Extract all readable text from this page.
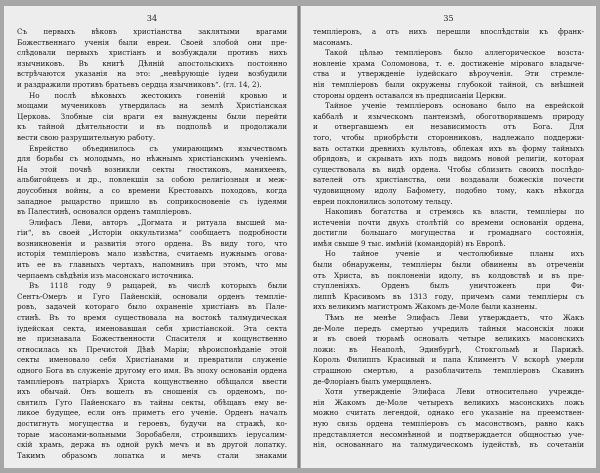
34
Съ первыхъ вѣковъ христіанства заклятыми врагами
Божественнаго ученія были евреи. Своей злобой они пре-
слѣдовали первыхъ христіанъ и возбуждали противъ нихъ
язычниковъ. Въ книгѣ Дѣяній апостольскихъ постоянно
встрѣчаются указанія на это: „невѣрующіе іудеи возбудили
и раздражили противъ братьевъ сердца язычниковъ“. (гл. 14, 2).
Но послѣ вѣковыхъ жестокихъ гоненій кровью и
мощами мучениковъ утвердилась на землѣ Христіанская
Церковь. Злобные сіи враги ея вынуждены были перейти
къ тайной дѣятельности и въ подпольѣ и продолжали
вести свою разрушительную работу.
Еврейство объединилось съ умирающимъ язычествомъ
для борьбы съ молодымъ, но нѣжнымъ христіанскимъ ученіемъ.
На этой почвѣ возникли секты гностиковъ, манихеевъ,
альбигойцевъ и др., повлекшія за собою религіозныя и меж-
доусобныя войны, а со времени Крестовыхъ походовъ, когда
западное рыцарство пришло въ соприкосновеніе съ іудеями
въ Палестинѣ, основался орденъ тампліеровъ.
Элифасъ Леви, авторъ „Догмата и ритуала высшей ма-
гіи“, въ своей „Исторіи оккультизма“ сообщаетъ подробности
возникновенія и развитія этого ордена. Въ виду того, что
исторія темпліеровъ мало извѣстна, считаемъ нужнымъ огова-
ить ее въ главныхъ чертахъ, напомнивъ при этомъ, что мы
черпаемъ свѣдѣнія изъ масонскаго источника.
Въ 1118 году 9 рыцарей, въ числѣ которыхъ были
Сентъ-Омеръ и Гуго Пайенскій, основали орденъ темпліе-
ровъ, задачей котораго было охраненіе христіанъ въ Пале-
стинѣ. Въ то время существовала на востокѣ талмудическая
іудейская секта, именовавшая себя христіанской. Эта секта
не признавала Божественности Спасителя и кощунственно
относилась къ Пречистой Дѣвѣ Маріи; вѣроисповѣданіе этой
секты именовало себя Христіанами и превратили служеніе
одного Бога въ служеніе другому его имя. Въ эпоху основанія ордена
тампліеровъ патріархъ Христа кощунственно обѣщался ввести
ихъ обычай. Онъ вошелъ въ сношенія съ орденомъ, по-
святилъ Гуго Пайенскаго въ тайны секты, обѣщавъ ему ве-
ликое будущее, если онъ приметъ его ученіе. Орденъ началъ
достигнуть могущества и героевъ, будучи на стражѣ, ко-
торые масонами-вольными Зоробабеля, строившихъ іерусалим-
скій храмъ, держа въ одной рукѣ мечъ и въ другой лопатку.
Такимъ образомъ лопатка и мечъ стали знаками
35
темпліеровъ, а отъ нихъ перешли впослѣдствіи къ франк-
масонамъ.
Такой цѣлью темпліеровъ было аллегорическое возста-
новленіе храма Соломонова, т. е. достиженіе міроваго владыче-
ства и утвержденіе іудейскаго вѣроученія. Эти стремле-
нія темпліеровъ были окружены глубокой тайной, съ внѣшней
стороны орденъ оставался въ предписаніи Церкви.
Тайное ученіе темпліеровъ основано было на еврейской
каббалѣ и языческомъ пантеизмѣ, обоготворявшемъ природу
и отвергавшемъ ея независимость отъ Бога. Для
того, чтобы приобрѣсти сторонниковъ, надлежало поддержи-
вать остатки древнихъ культовъ, облекая ихъ въ форму тайныхъ
обрядовъ, и скрывать ихъ подъ видомъ новой религіи, которая
существовала въ видѣ ордена. Чтобы сблизить своихъ послѣдо-
вателей отъ христіанства, они воздавали божескія почести
чудовищному идолу Бафомету, подобно тому, какъ нѣкогда
евреи поклонились золотому тельцу.
Накопивъ богатства и стремясь къ власти, темпліеры по
истеченіи почти двухъ столѣтій со времени основанія ордена,
достигли большаго могущества и громаднаго состоянія,
имѣя свыше 9 тыс. имѣній (командорій) въ Европѣ.
Но тайное ученіе и честолюбивые планы ихъ
были обнаружены, темпліеры были обвинены въ отреченіи
отъ Христа, въ поклоненіи идолу, въ колдовствѣ и въ пре-
ступленіяхъ. Орденъ былъ уничтоженъ при Фи-
липпѣ Красивомъ въ 1313 году, причемъ сами темпліеры съ
ихъ великимъ магистромъ Жакомъ де-Моле были казнены.
Тѣмъ не менѣе Элифасъ Леви утверждаетъ, что Жакъ
де-Моле передъ смертью учредилъ тайныя масонскія ложи
и въ своей тюрьмѣ основалъ четыре великихъ масонскихъ
ложи: въ Неаполѣ, Эдинбургѣ, Стокгольмѣ и Парижѣ.
Король Филиппъ Красивый и папа Климентъ V вскорѣ умерли
страшною смертью, а разоблачитель темпліеровъ Скавинъ
де-Флоріанъ былъ умерщвленъ.
Хотя утвержденіе Элифаса Леви относительно учрежде-
нія Жакомъ де-Моле четырехъ великихъ масонскихъ ложъ
можно считать легендой, однако его указаніе на преемствен-
ную связь ордена темпліеровъ съ масонствомъ, равно какъ
представляется несомнѣнной и подтверждается общностью уче-
нія, основаннаго на талмудическомъ іудействѣ, въ сочетаніи
